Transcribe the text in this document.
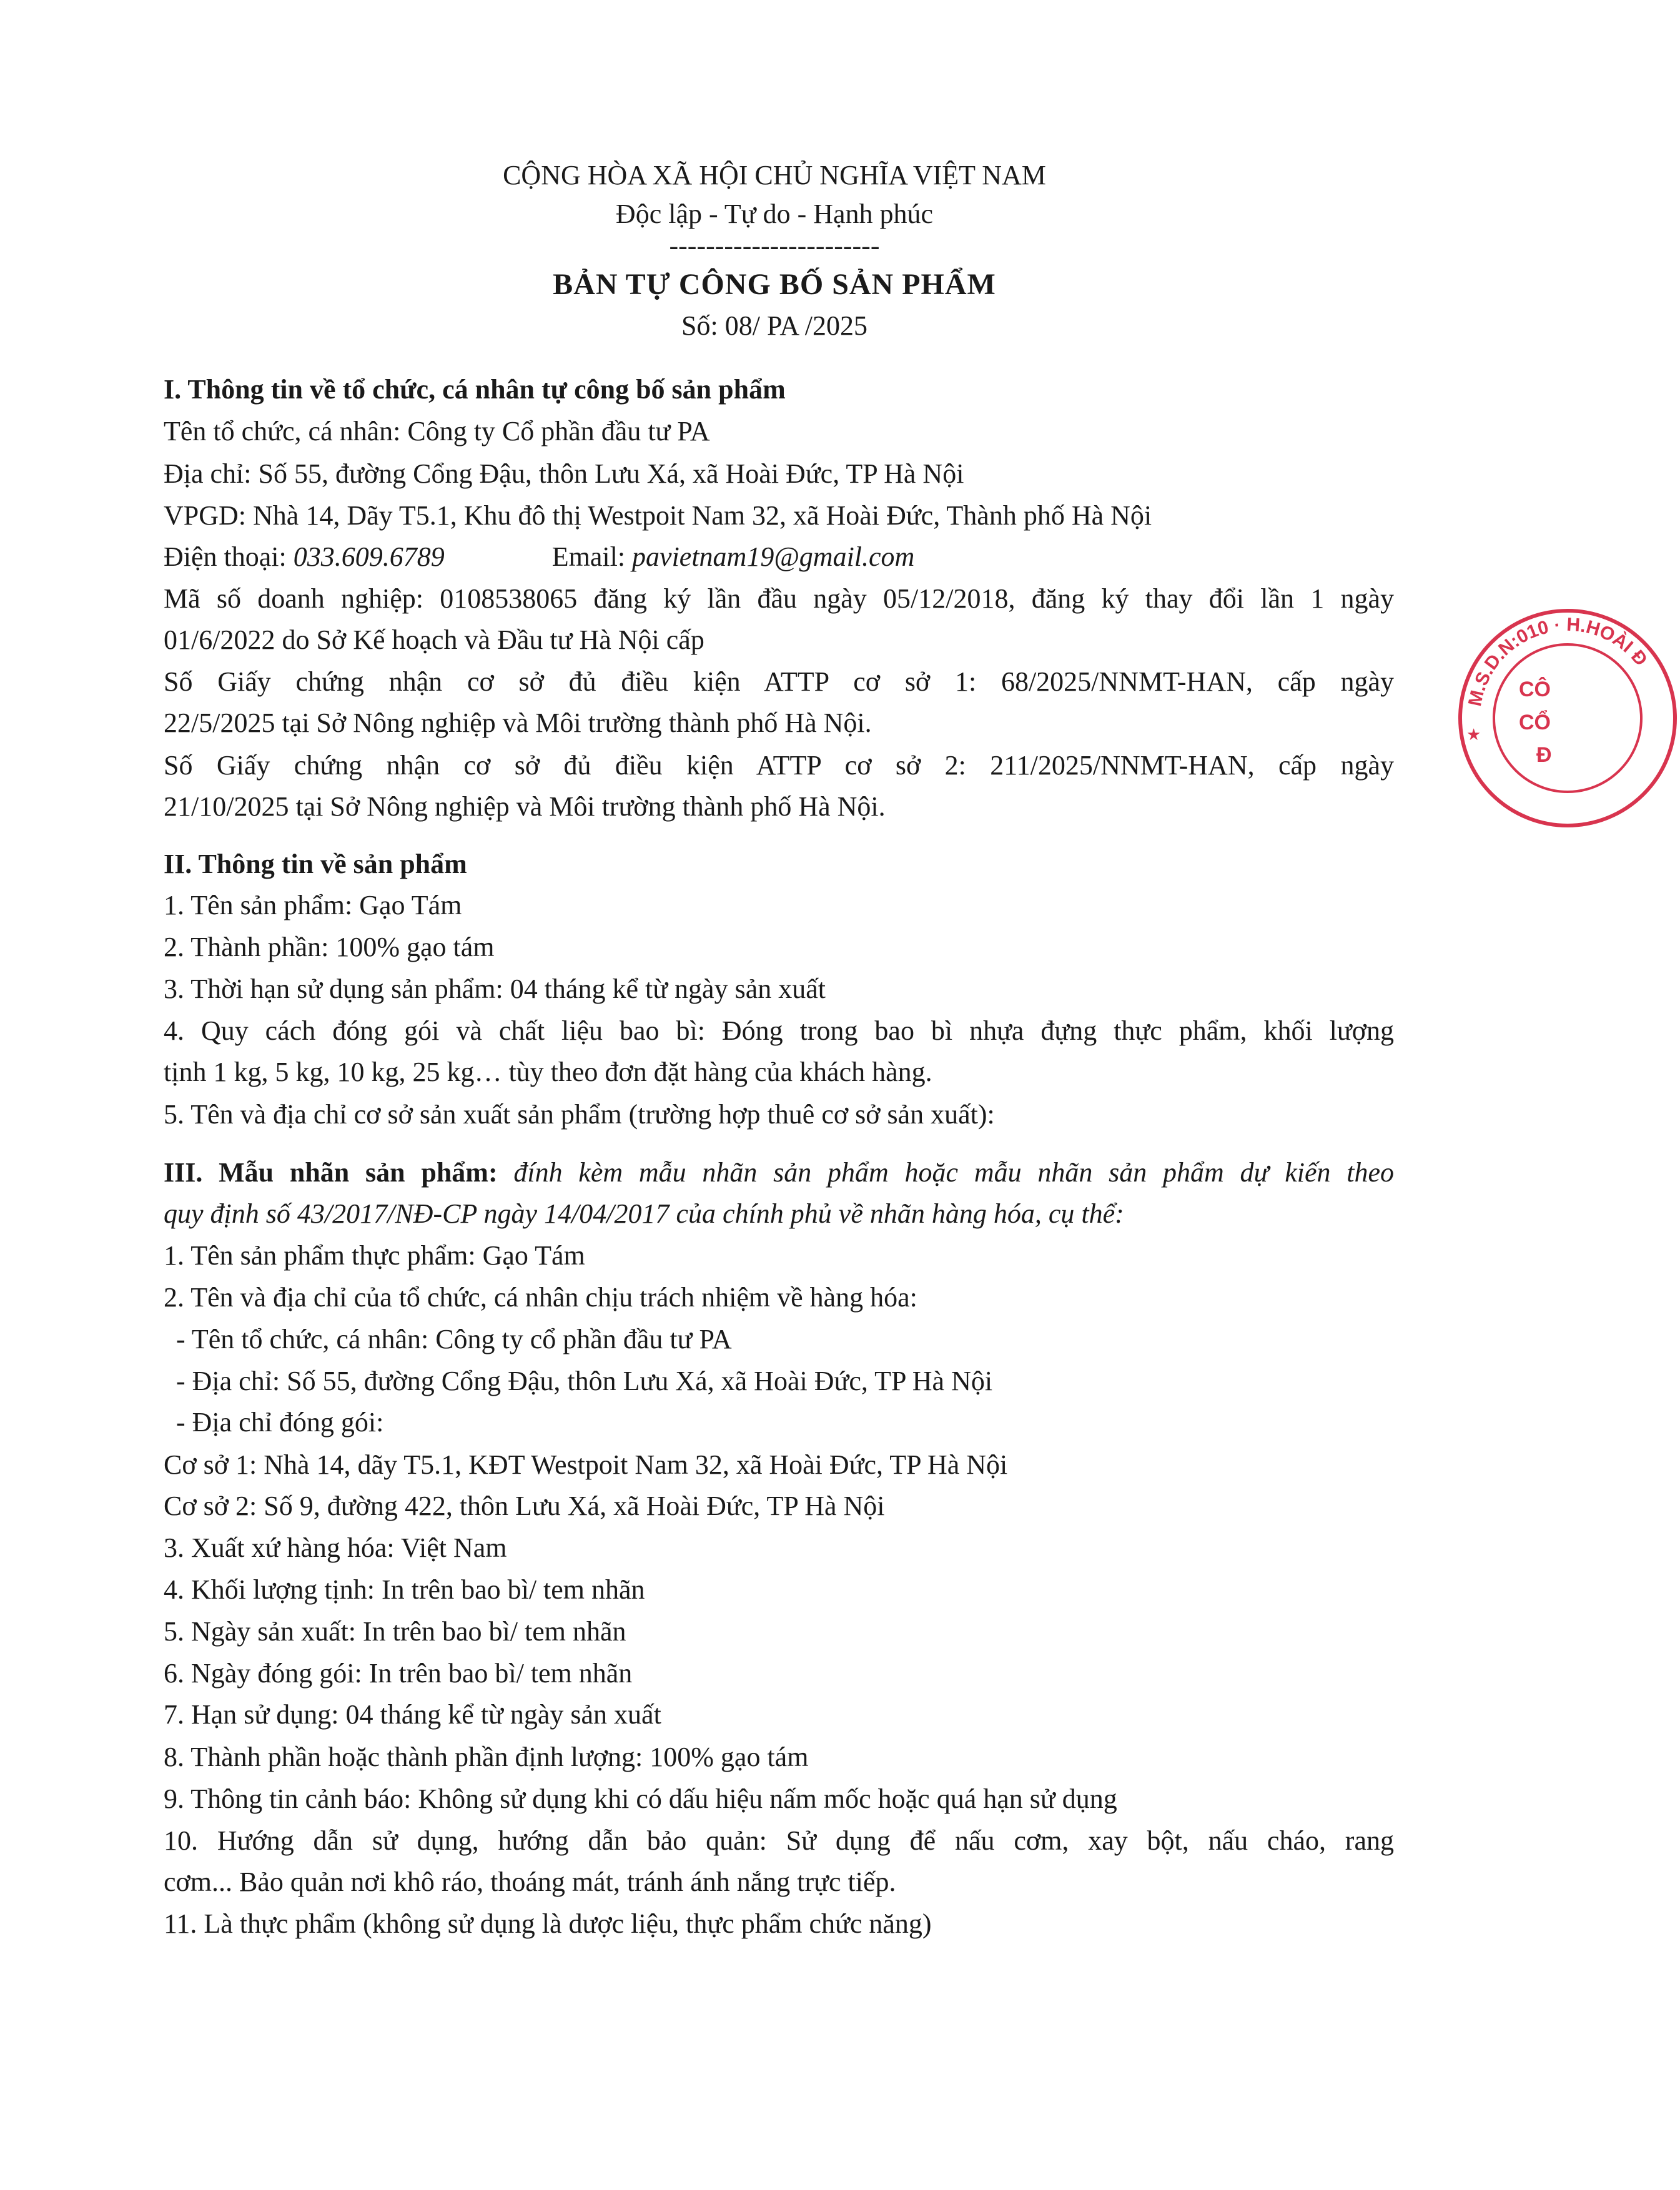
CỘNG HÒA XÃ HỘI CHỦ NGHĨA VIỆT NAM
Độc lập - Tự do - Hạnh phúc
-----------------------
BẢN TỰ CÔNG BỐ SẢN PHẨM
Số: 08/ PA /2025
I. Thông tin về tổ chức, cá nhân tự công bố sản phẩm
Tên tổ chức, cá nhân: Công ty Cổ phần đầu tư PA
Địa chỉ: Số 55, đường Cổng Đậu, thôn Lưu Xá, xã Hoài Đức, TP Hà Nội
VPGD: Nhà 14, Dãy T5.1, Khu đô thị Westpoit Nam 32, xã Hoài Đức, Thành phố Hà Nội
Điện thoại: 033.609.6789	Email: pavietnam19@gmail.com
Mã số doanh nghiệp: 0108538065 đăng ký lần đầu ngày 05/12/2018, đăng ký thay đổi lần 1 ngày
01/6/2022 do Sở Kế hoạch và Đầu tư Hà Nội cấp
Số Giấy chứng nhận cơ sở đủ điều kiện ATTP cơ sở 1: 68/2025/NNMT-HAN, cấp ngày
22/5/2025 tại Sở Nông nghiệp và Môi trường thành phố Hà Nội.
Số Giấy chứng nhận cơ sở đủ điều kiện ATTP cơ sở 2: 211/2025/NNMT-HAN, cấp ngày
21/10/2025 tại Sở Nông nghiệp và Môi trường thành phố Hà Nội.
II. Thông tin về sản phẩm
1. Tên sản phẩm: Gạo Tám
2. Thành phần: 100% gạo tám
3. Thời hạn sử dụng sản phẩm: 04 tháng kể từ ngày sản xuất
4. Quy cách đóng gói và chất liệu bao bì: Đóng trong bao bì nhựa đựng thực phẩm, khối lượng
tịnh 1 kg, 5 kg, 10 kg, 25 kg… tùy theo đơn đặt hàng của khách hàng.
5. Tên và địa chỉ cơ sở sản xuất sản phẩm (trường hợp thuê cơ sở sản xuất):
III. Mẫu nhãn sản phẩm: đính kèm mẫu nhãn sản phẩm hoặc mẫu nhãn sản phẩm dự kiến theo
quy định số 43/2017/NĐ-CP ngày 14/04/2017 của chính phủ về nhãn hàng hóa, cụ thể:
1. Tên sản phẩm thực phẩm: Gạo Tám
2. Tên và địa chỉ của tổ chức, cá nhân chịu trách nhiệm về hàng hóa:
- Tên tổ chức, cá nhân: Công ty cổ phần đầu tư PA
- Địa chỉ: Số 55, đường Cổng Đậu, thôn Lưu Xá, xã Hoài Đức, TP Hà Nội
- Địa chỉ đóng gói:
Cơ sở 1: Nhà 14, dãy T5.1, KĐT Westpoit Nam 32, xã Hoài Đức, TP Hà Nội
Cơ sở 2: Số 9, đường 422, thôn Lưu Xá, xã Hoài Đức, TP Hà Nội
3. Xuất xứ hàng hóa: Việt Nam
4. Khối lượng tịnh: In trên bao bì/ tem nhãn
5. Ngày sản xuất: In trên bao bì/ tem nhãn
6. Ngày đóng gói: In trên bao bì/ tem nhãn
7. Hạn sử dụng: 04 tháng kể từ ngày sản xuất
8. Thành phần hoặc thành phần định lượng: 100% gạo tám
9. Thông tin cảnh báo: Không sử dụng khi có dấu hiệu nấm mốc hoặc quá hạn sử dụng
10. Hướng dẫn sử dụng, hướng dẫn bảo quản: Sử dụng để nấu cơm, xay bột, nấu cháo, rang
cơm... Bảo quản nơi khô ráo, thoáng mát, tránh ánh nắng trực tiếp.
11. Là thực phẩm (không sử dụng là dược liệu, thực phẩm chức năng)
M.S.D.N:010 · H.HOÀI Đ
CÔ
CỔ
Đ
★
